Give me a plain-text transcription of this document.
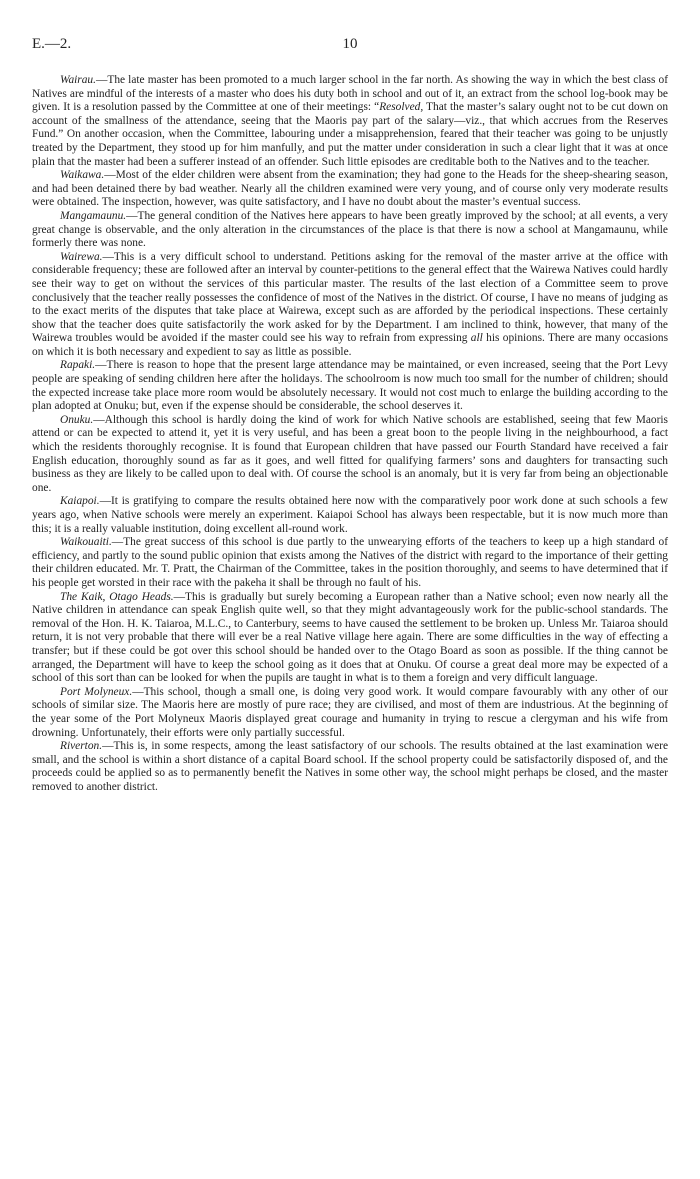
E.—2.	10

Wairau.—The late master has been promoted to a much larger school in the far north. As showing the way in which the best class of Natives are mindful of the interests of a master who does his duty both in school and out of it, an extract from the school log-book may be given. It is a resolution passed by the Committee at one of their meetings: “Resolved, That the master’s salary ought not to be cut down on account of the smallness of the attendance, seeing that the Maoris pay part of the salary—viz., that which accrues from the Reserves Fund.” On another occasion, when the Committee, labouring under a misapprehension, feared that their teacher was going to be unjustly treated by the Department, they stood up for him manfully, and put the matter under consideration in such a clear light that it was at once plain that the master had been a sufferer instead of an offender. Such little episodes are creditable both to the Natives and to the teacher.

Waikawa.—Most of the elder children were absent from the examination; they had gone to the Heads for the sheep-shearing season, and had been detained there by bad weather. Nearly all the children examined were very young, and of course only very moderate results were obtained. The inspection, however, was quite satisfactory, and I have no doubt about the master’s eventual success.

Mangamaunu.—The general condition of the Natives here appears to have been greatly improved by the school; at all events, a very great change is observable, and the only alteration in the circumstances of the place is that there is now a school at Mangamaunu, while formerly there was none.

Wairewa.—This is a very difficult school to understand. Petitions asking for the removal of the master arrive at the office with considerable frequency; these are followed after an interval by counter-petitions to the general effect that the Wairewa Natives could hardly see their way to get on without the services of this particular master. The results of the last election of a Committee seem to prove conclusively that the teacher really possesses the confidence of most of the Natives in the district. Of course, I have no means of judging as to the exact merits of the disputes that take place at Wairewa, except such as are afforded by the periodical inspections. These certainly show that the teacher does quite satisfactorily the work asked for by the Department. I am inclined to think, however, that many of the Wairewa troubles would be avoided if the master could see his way to refrain from expressing all his opinions. There are many occasions on which it is both necessary and expedient to say as little as possible.

Rapaki.—There is reason to hope that the present large attendance may be maintained, or even increased, seeing that the Port Levy people are speaking of sending children here after the holidays. The schoolroom is now much too small for the number of children; should the expected increase take place more room would be absolutely necessary. It would not cost much to enlarge the building according to the plan adopted at Onuku; but, even if the expense should be considerable, the school deserves it.

Onuku.—Although this school is hardly doing the kind of work for which Native schools are established, seeing that few Maoris attend or can be expected to attend it, yet it is very useful, and has been a great boon to the people living in the neighbourhood, a fact which the residents thoroughly recognise. It is found that European children that have passed our Fourth Standard have received a fair English education, thoroughly sound as far as it goes, and well fitted for qualifying farmers’ sons and daughters for transacting such business as they are likely to be called upon to deal with. Of course the school is an anomaly, but it is very far from being an objectionable one.

Kaiapoi.—It is gratifying to compare the results obtained here now with the comparatively poor work done at such schools a few years ago, when Native schools were merely an experiment. Kaiapoi School has always been respectable, but it is now much more than this; it is a really valuable institution, doing excellent all-round work.

Waikouaiti.—The great success of this school is due partly to the unwearying efforts of the teachers to keep up a high standard of efficiency, and partly to the sound public opinion that exists among the Natives of the district with regard to the importance of their getting their children educated. Mr. T. Pratt, the Chairman of the Committee, takes in the position thoroughly, and seems to have determined that if his people get worsted in their race with the pakeha it shall be through no fault of his.

The Kaik, Otago Heads.—This is gradually but surely becoming a European rather than a Native school; even now nearly all the Native children in attendance can speak English quite well, so that they might advantageously work for the public-school standards. The removal of the Hon. H. K. Taiaroa, M.L.C., to Canterbury, seems to have caused the settlement to be broken up. Unless Mr. Taiaroa should return, it is not very probable that there will ever be a real Native village here again. There are some difficulties in the way of effecting a transfer; but if these could be got over this school should be handed over to the Otago Board as soon as possible. If the thing cannot be arranged, the Department will have to keep the school going as it does that at Onuku. Of course a great deal more may be expected of a school of this sort than can be looked for when the pupils are taught in what is to them a foreign and very difficult language.

Port Molyneux.—This school, though a small one, is doing very good work. It would compare favourably with any other of our schools of similar size. The Maoris here are mostly of pure race; they are civilised, and most of them are industrious. At the beginning of the year some of the Port Molyneux Maoris displayed great courage and humanity in trying to rescue a clergyman and his wife from drowning. Unfortunately, their efforts were only partially successful.

Riverton.—This is, in some respects, among the least satisfactory of our schools. The results obtained at the last examination were small, and the school is within a short distance of a capital Board school. If the school property could be satisfactorily disposed of, and the proceeds could be applied so as to permanently benefit the Natives in some other way, the school might perhaps be closed, and the master removed to another district.
